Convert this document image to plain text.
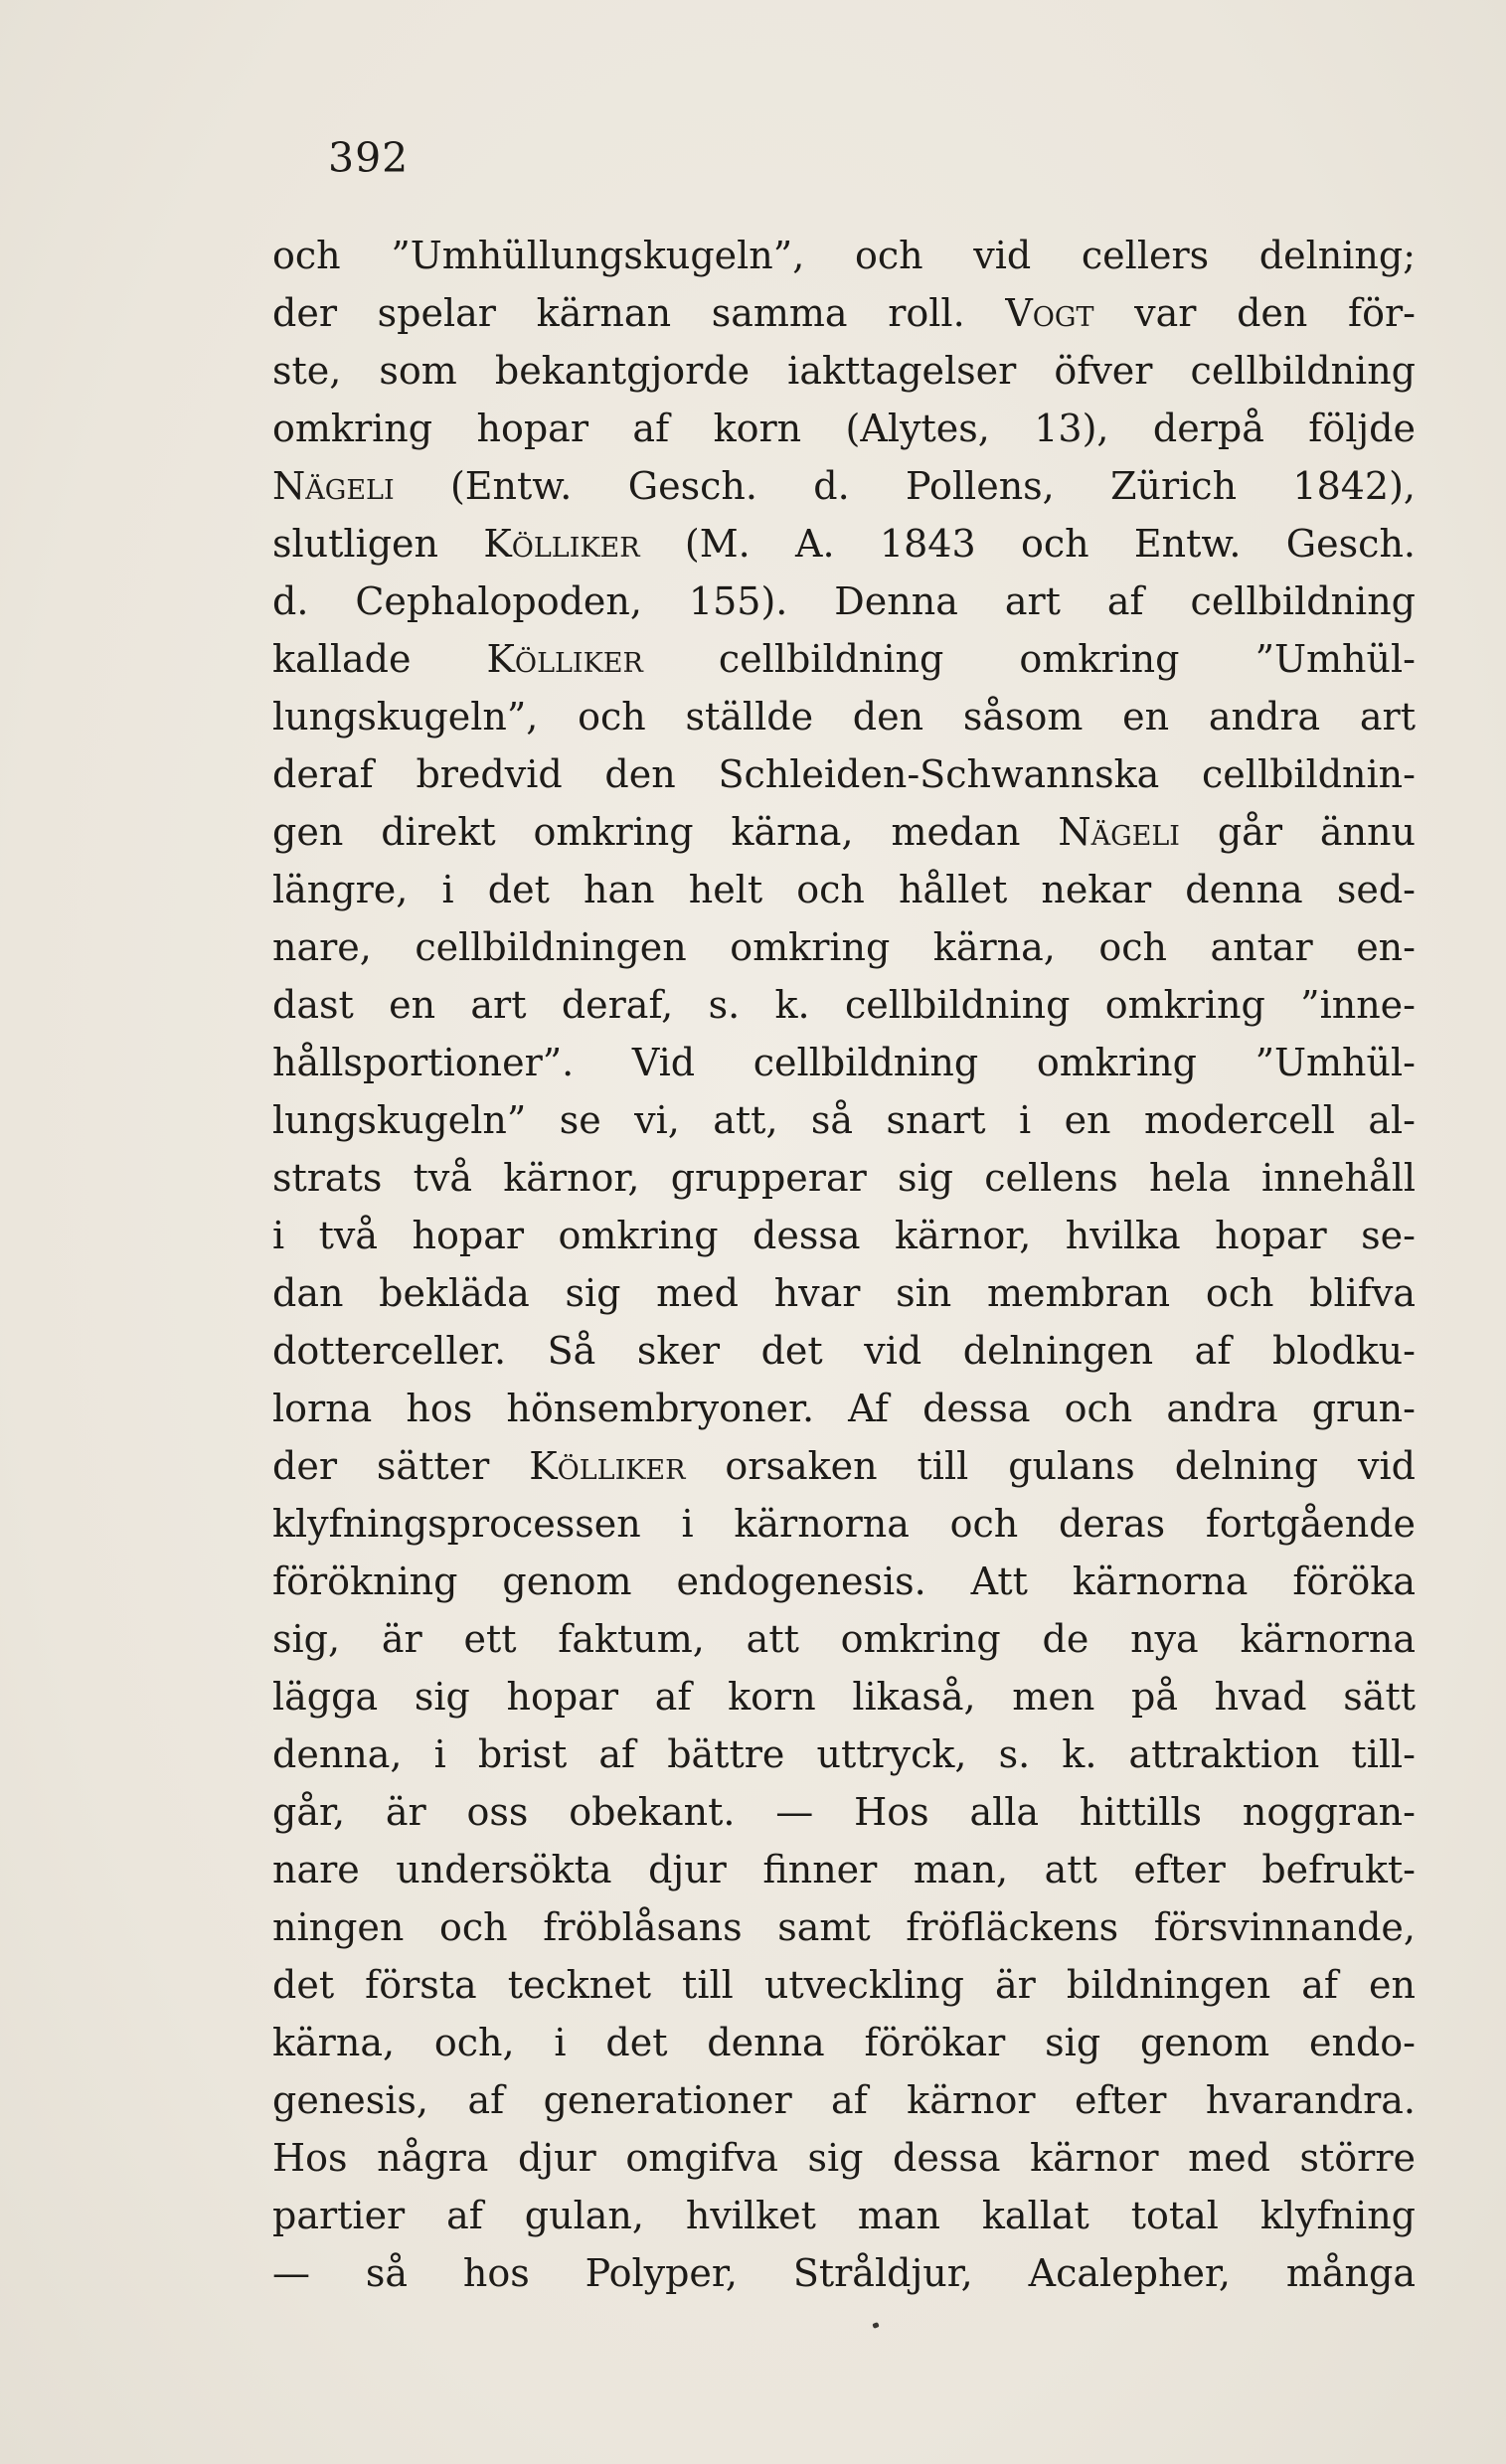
392

och ”Umhüllungskugeln”, och vid cellers delning;
der spelar kärnan samma roll. Vogt var den för-
ste, som bekantgjorde iakttagelser öfver cellbildning
omkring hopar af korn (Alytes, 13), derpå följde
Nägeli (Entw. Gesch. d. Pollens, Zürich 1842),
slutligen Kölliker (M. A. 1843 och Entw. Gesch.
d. Cephalopoden, 155). Denna art af cellbildning
kallade Kölliker cellbildning omkring ”Umhül-
lungskugeln”, och ställde den såsom en andra art
deraf bredvid den Schleiden-Schwannska cellbildnin-
gen direkt omkring kärna, medan Nägeli går ännu
längre, i det han helt och hållet nekar denna sed-
nare, cellbildningen omkring kärna, och antar en-
dast en art deraf, s. k. cellbildning omkring ”inne-
hållsportioner”. Vid cellbildning omkring ”Umhül-
lungskugeln” se vi, att, så snart i en modercell al-
strats två kärnor, grupperar sig cellens hela innehåll
i två hopar omkring dessa kärnor, hvilka hopar se-
dan bekläda sig med hvar sin membran och blifva
dotterceller. Så sker det vid delningen af blodku-
lorna hos hönsembryoner. Af dessa och andra grun-
der sätter Kölliker orsaken till gulans delning vid
klyfningsprocessen i kärnorna och deras fortgående
förökning genom endogenesis. Att kärnorna föröka
sig, är ett faktum, att omkring de nya kärnorna
lägga sig hopar af korn likaså, men på hvad sätt
denna, i brist af bättre uttryck, s. k. attraktion till-
går, är oss obekant. — Hos alla hittills noggran-
nare undersökta djur finner man, att efter befrukt-
ningen och fröblåsans samt fröfläckens försvinnande,
det första tecknet till utveckling är bildningen af en
kärna, och, i det denna förökar sig genom endo-
genesis, af generationer af kärnor efter hvarandra.
Hos några djur omgifva sig dessa kärnor med större
partier af gulan, hvilket man kallat total klyfning
— så hos Polyper, Stråldjur, Acalepher, många
